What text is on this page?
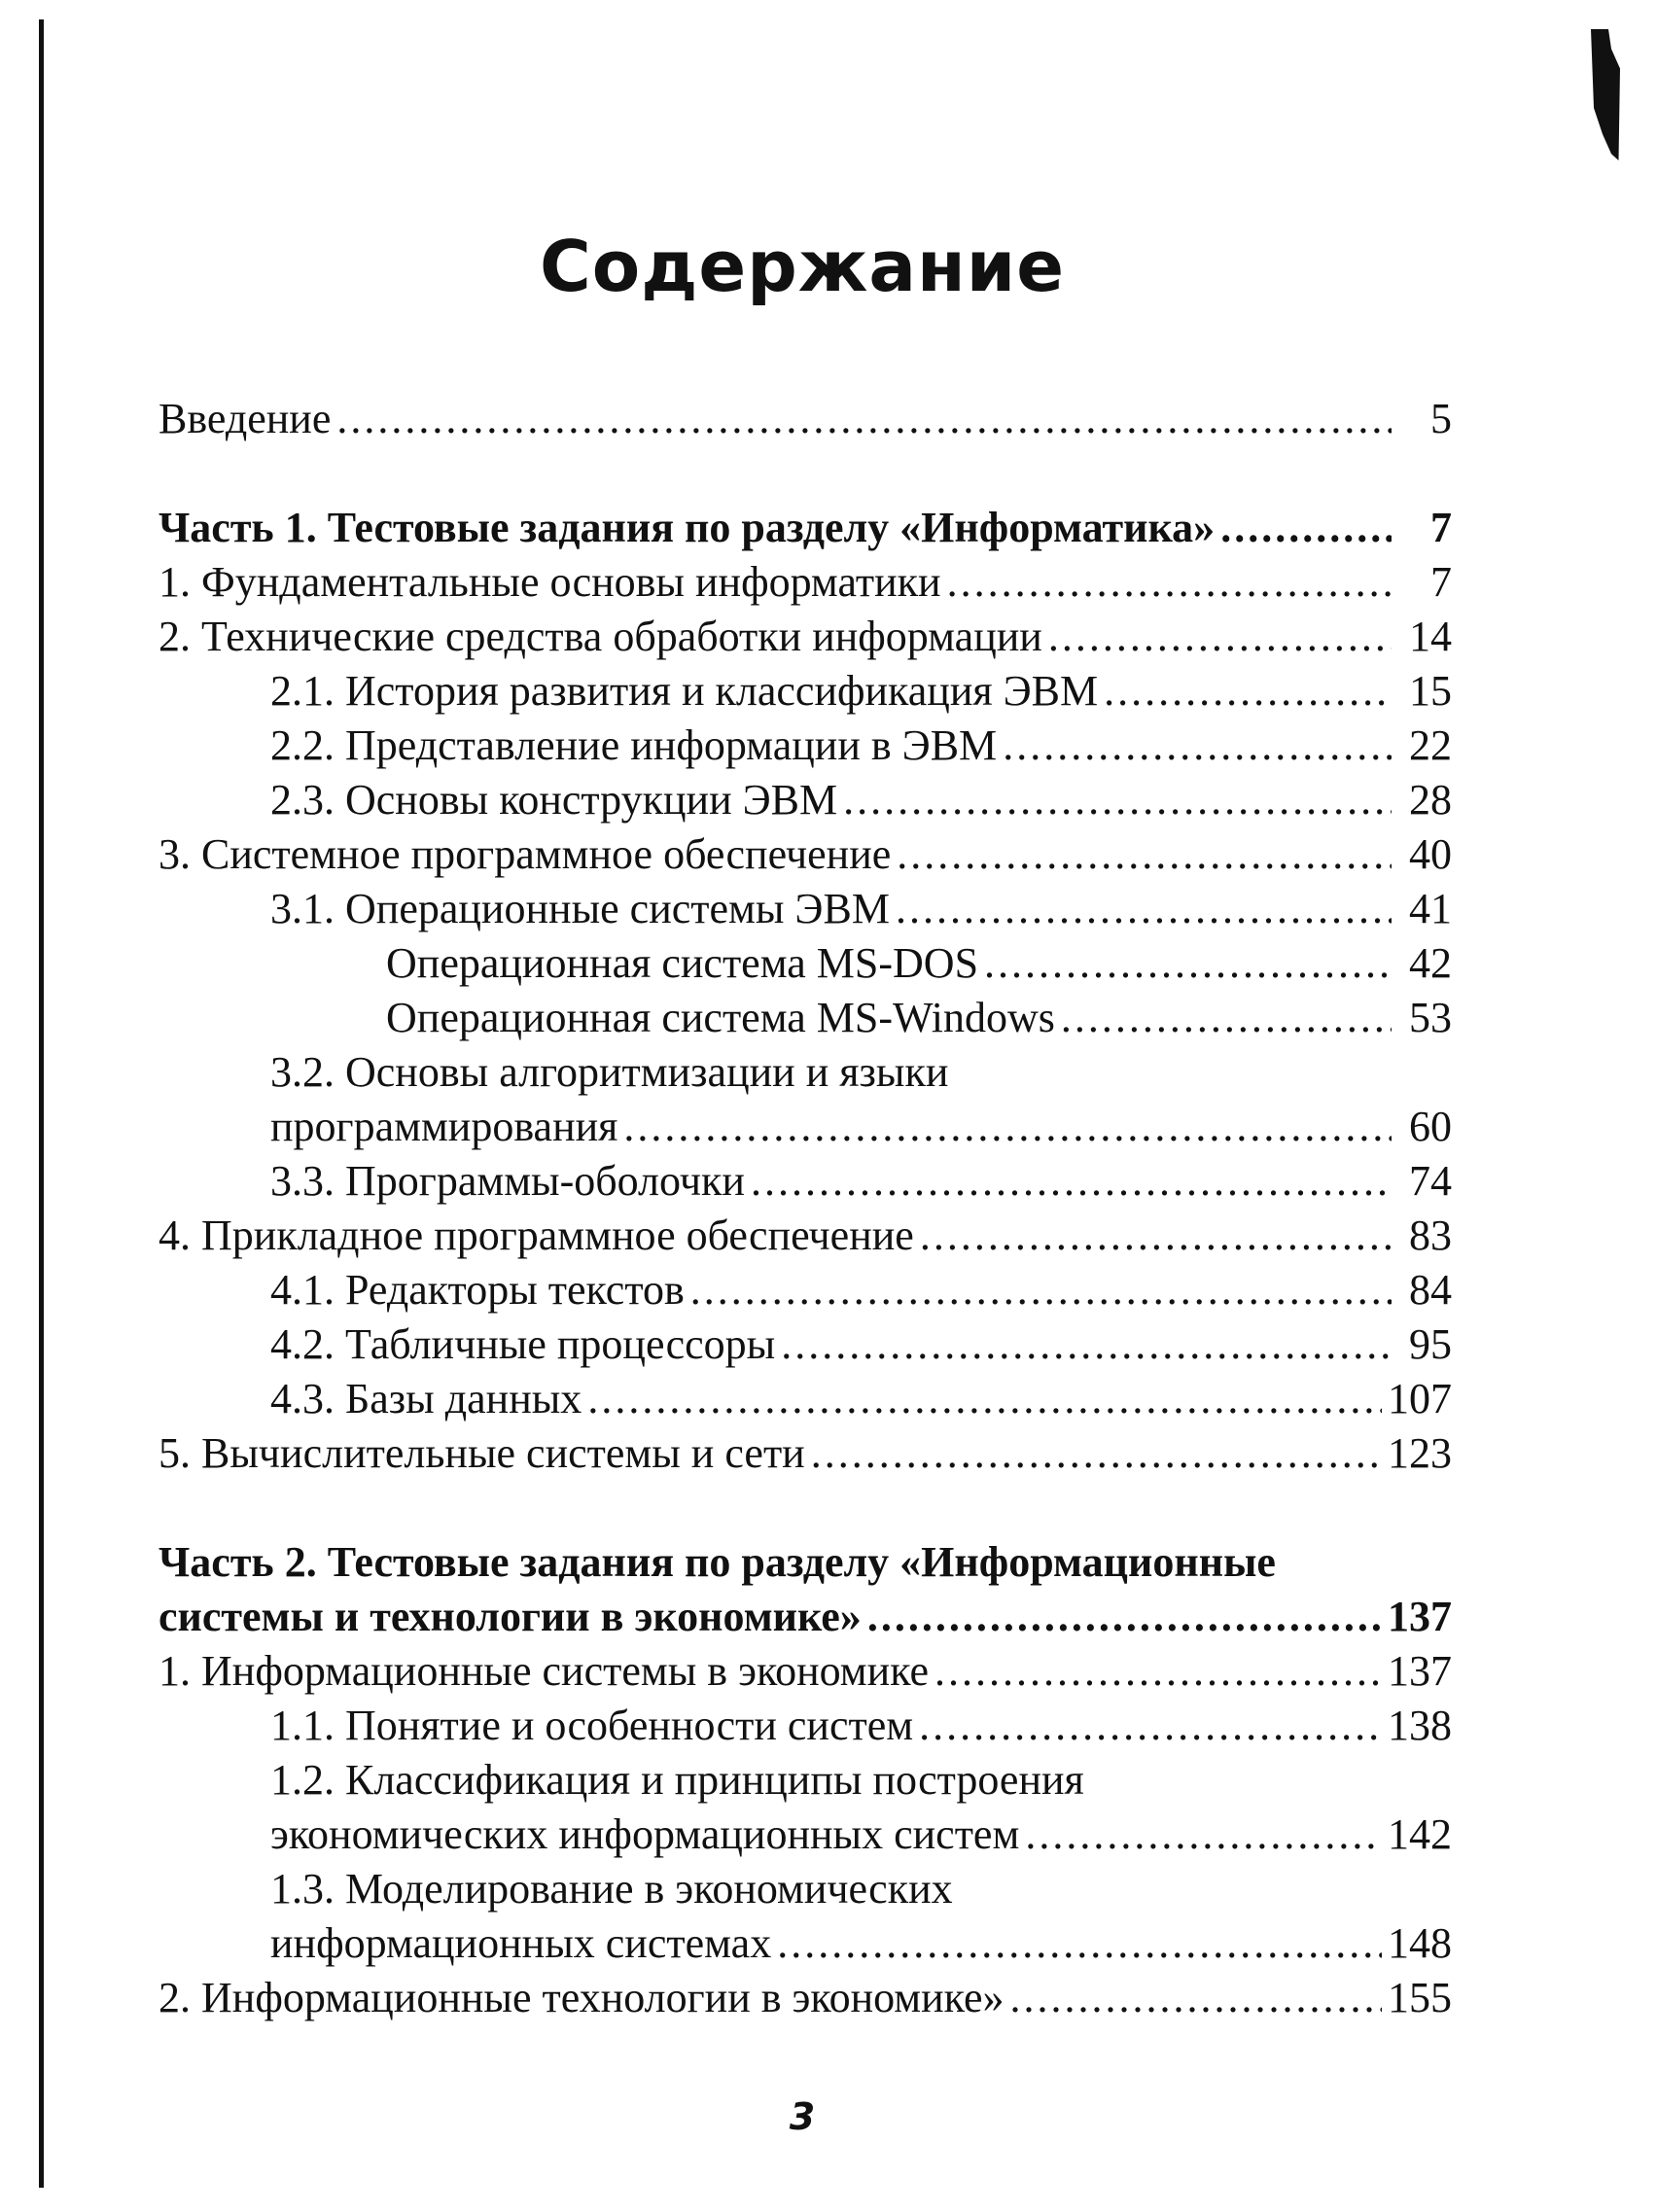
Содержание
Введение . . .	5
Часть 1. Тестовые задания по разделу «Информатика» . . .	7
1. Фундаментальные основы информатики . . .	7
2. Технические средства обработки информации . . .	14
2.1. История развития и классификация ЭВМ . . .	15
2.2. Представление информации в ЭВМ . . .	22
2.3. Основы конструкции ЭВМ . . .	28
3. Системное программное обеспечение . . .	40
3.1. Операционные системы ЭВМ . . .	41
Операционная система MS-DOS . . .	42
Операционная система MS-Windows . . .	53
3.2. Основы алгоритмизации и языки
программирования . . .	60
3.3. Программы-оболочки . . .	74
4. Прикладное программное обеспечение . . .	83
4.1. Редакторы текстов . . .	84
4.2. Табличные процессоры . . .	95
4.3. Базы данных . . .	107
5. Вычислительные системы и сети . . .	123
Часть 2. Тестовые задания по разделу «Информационные
системы и технологии в экономике» . . .	137
1. Информационные системы в экономике . . .	137
1.1. Понятие и особенности систем . . .	138
1.2. Классификация и принципы построения
экономических информационных систем . . .	142
1.3. Моделирование в экономических
информационных системах . . .	148
2. Информационные технологии в экономике» . . .	155
3
